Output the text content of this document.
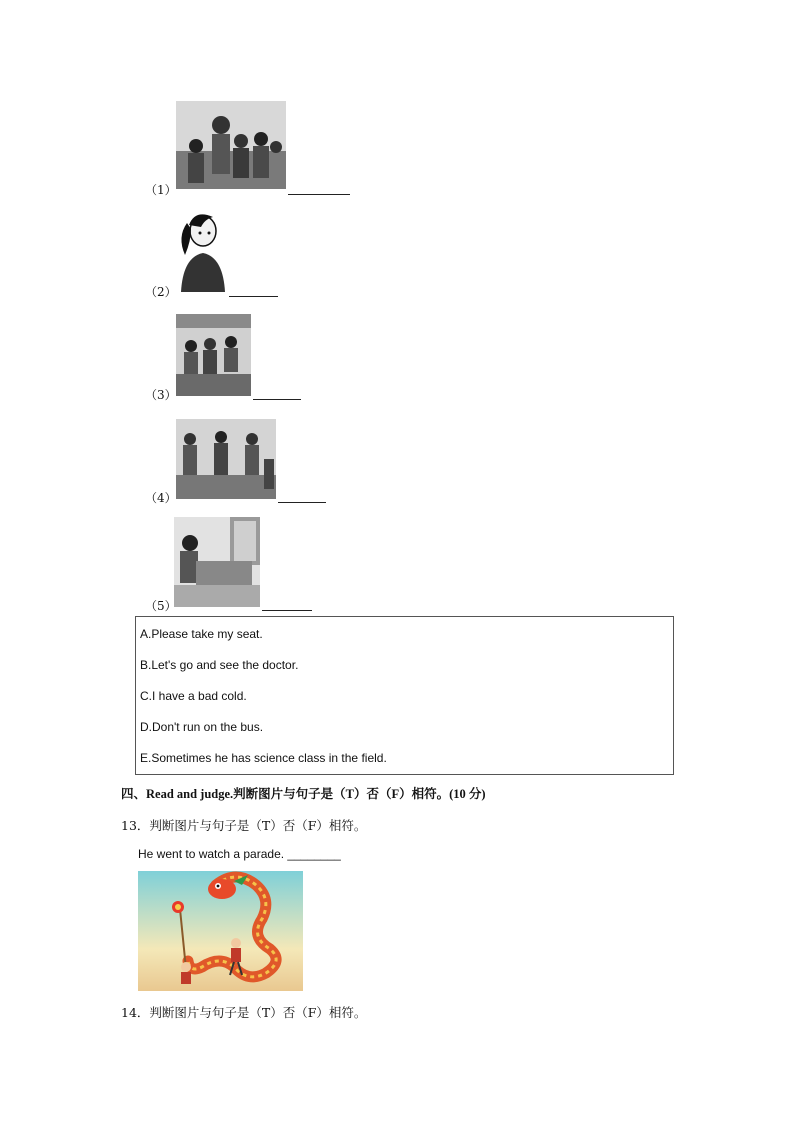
（1）
（2）
（3）
（4）
（5）
A.Please take my seat.
B.Let's go and see the doctor.
C.I have a bad cold.
D.Don't run on the bus.
E.Sometimes he has science class in the field.
四、Read and judge.判断图片与句子是（T）否（F）相符。(10 分)
13．判断图片与句子是（T）否（F）相符。
He went to watch a parade. ________
14．判断图片与句子是（T）否（F）相符。
